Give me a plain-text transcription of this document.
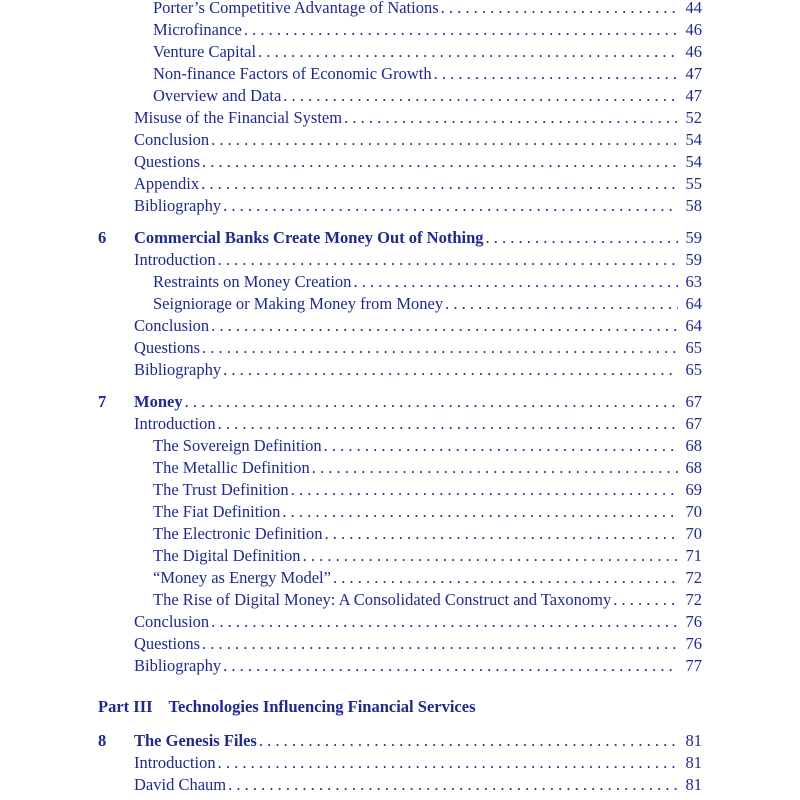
Porter’s Competitive Advantage of Nations . . .	44
Microfinance . . .	46
Venture Capital . . .	46
Non-finance Factors of Economic Growth . . .	47
Overview and Data . . .	47
Misuse of the Financial System . . .	52
Conclusion . . .	54
Questions . . .	54
Appendix . . .	55
Bibliography . . .	58
6	Commercial Banks Create Money Out of Nothing . . .	59
Introduction . . .	59
Restraints on Money Creation . . .	63
Seigniorage or Making Money from Money . . .	64
Conclusion . . .	64
Questions . . .	65
Bibliography . . .	65
7	Money . . .	67
Introduction . . .	67
The Sovereign Definition . . .	68
The Metallic Definition . . .	68
The Trust Definition . . .	69
The Fiat Definition . . .	70
The Electronic Definition . . .	70
The Digital Definition . . .	71
“Money as Energy Model” . . .	72
The Rise of Digital Money: A Consolidated Construct and Taxonomy . . .	72
Conclusion . . .	76
Questions . . .	76
Bibliography . . .	77
Part III Technologies Influencing Financial Services
8	The Genesis Files . . .	81
Introduction . . .	81
David Chaum . . .	81
